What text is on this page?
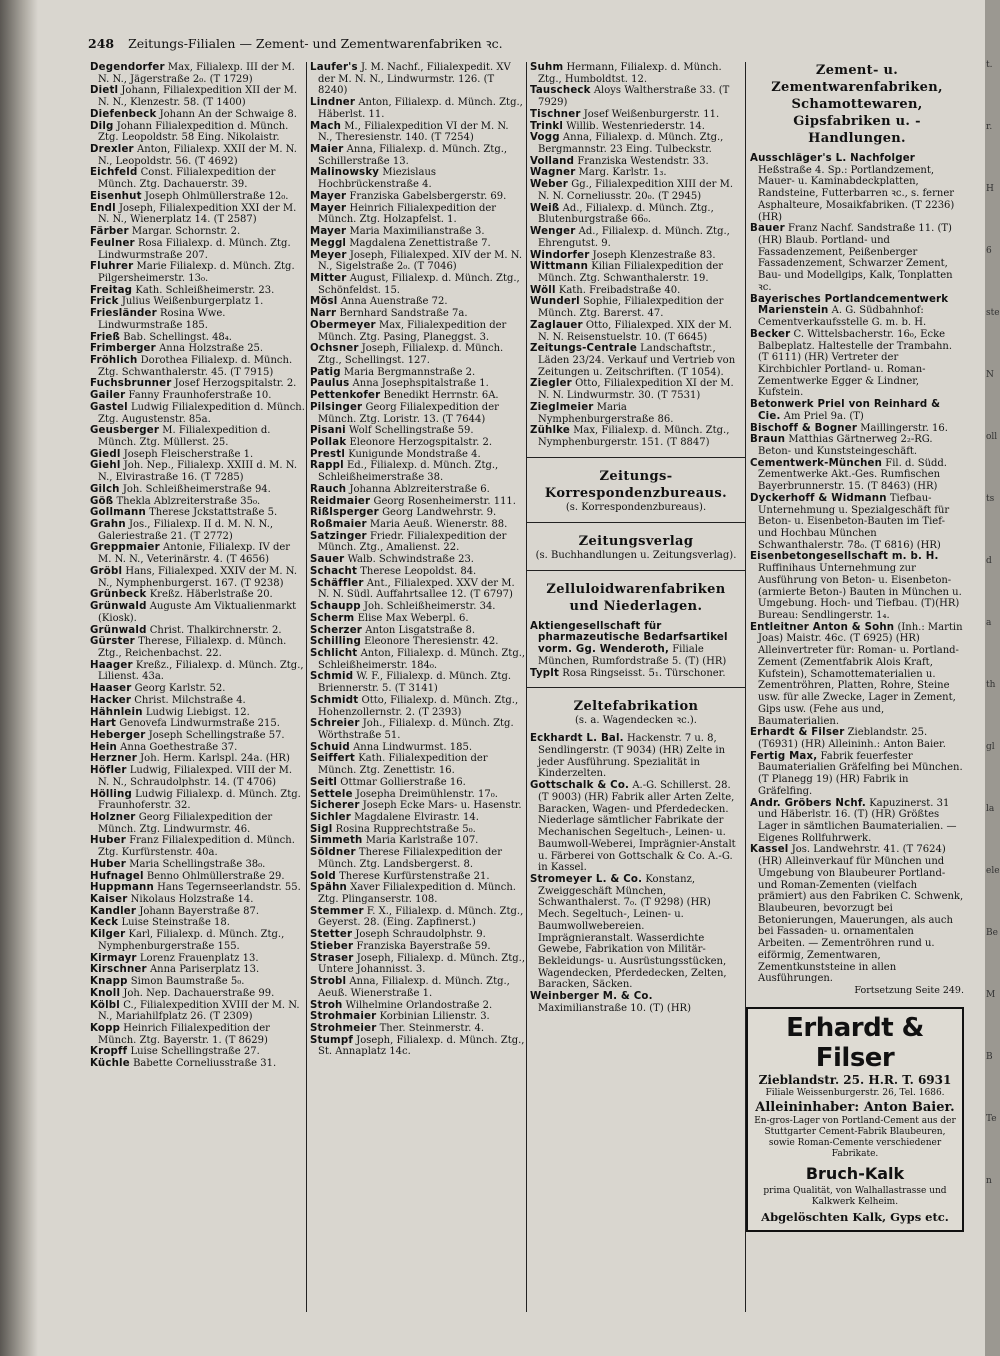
248 Zeitungs-Filialen — Zement- und Zementwarenfabriken ꝛc.
Degendorfer Max, Filialexp. III der M. N. N., Jägerstraße 2₀. (T 1729)
Dietl Johann, Filialexpedition XII der M. N. N., Klenzestr. 58. (T 1400)
Diefenbeck Johann An der Schwaige 8.
Dilg Johann Filialexpedition d. Münch. Ztg. Leopoldstr. 58 Eing. Nikolaistr.
Drexler Anton, Filialexp. XXII der M. N. N., Leopoldstr. 56. (T 4692)
Eichfeld Const. Filialexpedition der Münch. Ztg. Dachauerstr. 39.
Eisenhut Joseph Ohlmüllerstraße 12₀.
Endl Joseph, Filialexpedition XXI der M. N. N., Wienerplatz 14. (T 2587)
Färber Margar. Schornstr. 2.
Feulner Rosa Filialexp. d. Münch. Ztg. Lindwurmstraße 207.
Fluhrer Marie Filialexp. d. Münch. Ztg. Pilgersheimerstr. 13₀.
Freitag Kath. Schleißheimerstr. 23.
Frick Julius Weißenburgerplatz 1.
Friesländer Rosina Wwe. Lindwurmstraße 185.
Frieß Bab. Schellingst. 48₄.
Frimberger Anna Holzstraße 25.
Fröhlich Dorothea Filialexp. d. Münch. Ztg. Schwanthalerstr. 45. (T 7915)
Fuchsbrunner Josef Herzogspitalstr. 2.
Gailer Fanny Fraunhoferstraße 10.
Gastel Ludwig Filialexpedition d. Münch. Ztg. Augustenstr. 85a.
Geusberger M. Filialexpedition d. Münch. Ztg. Müllerst. 25.
Giedl Joseph Fleischerstraße 1.
Giehl Joh. Nep., Filialexp. XXIII d. M. N. N., Elvirastraße 16. (T 7285)
Gilch Joh. Schleißheimerstraße 94.
Göß Thekla Ablzreiterstraße 35₀.
Gollmann Therese Jckstattstraße 5.
Grahn Jos., Filialexp. II d. M. N. N., Galeriestraße 21. (T 2772)
Greppmaier Antonie, Filialexp. IV der M. N. N., Veterinärstr. 4. (T 4656)
Gröbl Hans, Filialexped. XXIV der M. N. N., Nymphenburgerst. 167. (T 9238)
Grünbeck Kreßz. Häberlstraße 20.
Grünwald Auguste Am Viktualienmarkt (Kiosk).
Grünwald Christ. Thalkirchnerstr. 2.
Gürster Therese, Filialexp. d. Münch. Ztg., Reichenbachst. 22.
Haager Kreßz., Filialexp. d. Münch. Ztg., Lilienst. 43a.
Haaser Georg Karlstr. 52.
Hacker Christ. Milchstraße 4.
Hähnlein Ludwig Liebigst. 12.
Hart Genovefa Lindwurmstraße 215.
Heberger Joseph Schellingstraße 57.
Hein Anna Goethestraße 37.
Herzner Joh. Herm. Karlspl. 24a. (HR)
Höfler Ludwig, Filialexped. VIII der M. N. N., Schraudolphstr. 14. (T 4706)
Hölling Ludwig Filialexp. d. Münch. Ztg. Fraunhoferstr. 32.
Holzner Georg Filialexpedition der Münch. Ztg. Lindwurmstr. 46.
Huber Franz Filialexpedition d. Münch. Ztg. Kurfürstenstr. 40a.
Huber Maria Schellingstraße 38₀.
Hufnagel Benno Ohlmüllerstraße 29.
Huppmann Hans Tegernseerlandstr. 55.
Kaiser Nikolaus Holzstraße 14.
Kandler Johann Bayerstraße 87.
Keck Luise Steinstraße 18.
Kilger Karl, Filialexp. d. Münch. Ztg., Nymphenburgerstraße 155.
Kirmayr Lorenz Frauenplatz 13.
Kirschner Anna Pariserplatz 13.
Knapp Simon Baumstraße 5₀.
Knoll Joh. Nep. Dachauerstraße 99.
Kölbl C., Filialexpedition XVIII der M. N. N., Mariahilfplatz 26. (T 2309)
Kopp Heinrich Filialexpedition der Münch. Ztg. Bayerstr. 1. (T 8629)
Kropff Luise Schellingstraße 27.
Küchle Babette Corneliusstraße 31.
Laufer's J. M. Nachf., Filialexpedit. XV der M. N. N., Lindwurmstr. 126. (T 8240)
Lindner Anton, Filialexp. d. Münch. Ztg., Häberlst. 11.
Mach M., Filialexpedition VI der M. N. N., Theresienstr. 140. (T 7254)
Maier Anna, Filialexp. d. Münch. Ztg., Schillerstraße 13.
Malinowsky Miezislaus Hochbrückenstraße 4.
Mayer Franziska Gabelsbergerstr. 69.
Mayer Heinrich Filialexpedition der Münch. Ztg. Holzapfelst. 1.
Mayer Maria Maximilianstraße 3.
Meggl Magdalena Zenettistraße 7.
Meyer Joseph, Filialexped. XIV der M. N. N., Sigelstraße 2₀. (T 7046)
Mitter August, Filialexp. d. Münch. Ztg., Schönfeldst. 15.
Mösl Anna Auenstraße 72.
Narr Bernhard Sandstraße 7a.
Obermeyer Max, Filialexpedition der Münch. Ztg. Pasing, Planeggst. 3.
Ochsner Joseph, Filialexp. d. Münch. Ztg., Schellingst. 127.
Patig Maria Bergmannstraße 2.
Paulus Anna Josephspitalstraße 1.
Pettenkofer Benedikt Herrnstr. 6A.
Pilsinger Georg Filialexpedition der Münch. Ztg. Loristr. 13. (T 7644)
Pisani Wolf Schellingstraße 59.
Pollak Eleonore Herzogspitalstr. 2.
Prestl Kunigunde Mondstraße 4.
Rappl Ed., Filialexp. d. Münch. Ztg., Schleißheimerstraße 38.
Rauch Johanna Ablzreiterstraße 6.
Reidmaier Georg Rosenheimerstr. 111.
Rißlsperger Georg Landwehrstr. 9.
Roßmaier Maria Aeuß. Wienerstr. 88.
Satzinger Friedr. Filialexpedition der Münch. Ztg., Amalienst. 22.
Sauer Walb. Schwindstraße 23.
Schacht Therese Leopoldst. 84.
Schäffler Ant., Filialexped. XXV der M. N. N. Südl. Auffahrtsallee 12. (T 6797)
Schaupp Joh. Schleißheimerstr. 34.
Scherm Elise Max Weberpl. 6.
Scherzer Anton Lisgatstraße 8.
Schilling Eleonore Theresienstr. 42.
Schlicht Anton, Filialexp. d. Münch. Ztg., Schleißheimerstr. 184₀.
Schmid W. F., Filialexp. d. Münch. Ztg. Briennerstr. 5. (T 3141)
Schmidt Otto, Filialexp. d. Münch. Ztg., Hohenzollernstr. 2. (T 2393)
Schreier Joh., Filialexp. d. Münch. Ztg. Wörthstraße 51.
Schuid Anna Lindwurmst. 185.
Seiffert Kath. Filialexpedition der Münch. Ztg. Zenettistr. 16.
Seitl Ottmar Gollierstraße 16.
Settele Josepha Dreimühlenstr. 17₀.
Sicherer Joseph Ecke Mars- u. Hasenstr.
Sichler Magdalene Elvirastr. 14.
Sigl Rosina Rupprechtstraße 5₀.
Simmeth Maria Karlstraße 107.
Söldner Therese Filialexpedition der Münch. Ztg. Landsbergerst. 8.
Sold Therese Kurfürstenstraße 21.
Spähn Xaver Filialexpedition d. Münch. Ztg. Plinganserstr. 108.
Stemmer F. X., Filialexp. d. Münch. Ztg., Geyerst. 28. (Eing. Zapfinerst.)
Stetter Joseph Schraudolphstr. 9.
Stieber Franziska Bayerstraße 59.
Straser Joseph, Filialexp. d. Münch. Ztg., Untere Johannisst. 3.
Strobl Anna, Filialexp. d. Münch. Ztg., Aeuß. Wienerstraße 1.
Stroh Wilhelmine Orlandostraße 2.
Strohmaier Korbinian Lilienstr. 3.
Strohmeier Ther. Steinmerstr. 4.
Stumpf Joseph, Filialexp. d. Münch. Ztg., St. Annaplatz 14c.
Suhm Hermann, Filialexp. d. Münch. Ztg., Humboldtst. 12.
Tauscheck Aloys Waltherstraße 33. (T 7929)
Tischner Josef Weißenburgerstr. 11.
Trinkl Willib. Westenriederstr. 14.
Vogg Anna, Filialexp. d. Münch. Ztg., Bergmannstr. 23 Eing. Tulbeckstr.
Volland Franziska Westendstr. 33.
Wagner Marg. Karlstr. 1₃.
Weber Gg., Filialexpedition XIII der M. N. N. Corneliusstr. 20₀. (T 2945)
Weiß Ad., Filialexp. d. Münch. Ztg., Blutenburgstraße 66₀.
Wenger Ad., Filialexp. d. Münch. Ztg., Ehrengutst. 9.
Windorfer Joseph Klenzestraße 83.
Wittmann Kilian Filialexpedition der Münch. Ztg. Schwanthalerstr. 19.
Wöll Kath. Freibadstraße 40.
Wunderl Sophie, Filialexpedition der Münch. Ztg. Barerst. 47.
Zaglauer Otto, Filialexped. XIX der M. N. N. Reisenstuelstr. 10. (T 6645)
Zeitungs-Centrale Landschaftstr., Läden 23/24. Verkauf und Vertrieb von Zeitungen u. Zeitschriften. (T 1054).
Ziegler Otto, Filialexpedition XI der M. N. N. Lindwurmstr. 30. (T 7531)
Zieglmeier Maria Nymphenburgerstraße 86.
Zühlke Max, Filialexp. d. Münch. Ztg., Nymphenburgerstr. 151. (T 8847)
Zeitungs-Korrespondenzbureaus.
(s. Korrespondenzbureaus).
Zeitungsverlag
(s. Buchhandlungen u. Zeitungsverlag).
Zelluloidwarenfabriken und Niederlagen.
Aktiengesellschaft für pharmazeutische Bedarfsartikel vorm. Gg. Wenderoth, Filiale München, Rumfordstraße 5. (T) (HR)
Typlt Rosa Ringseisst. 5₁. Türschoner.
Zeltefabrikation
(s. a. Wagendecken ꝛc.).
Eckhardt L. Bal. Hackenstr. 7 u. 8, Sendlingerstr. (T 9034) (HR) Zelte in jeder Ausführung. Spezialität in Kinderzelten.
Gottschalk & Co. A.-G. Schillerst. 28. (T 9003) (HR) Fabrik aller Arten Zelte, Baracken, Wagen- und Pferdedecken. Niederlage sämtlicher Fabrikate der Mechanischen Segeltuch-, Leinen- u. Baumwoll-Weberei, Imprägnier-Anstalt u. Färberei von Gottschalk & Co. A.-G. in Kassel.
Stromeyer L. & Co. Konstanz, Zweiggeschäft München, Schwanthalerst. 7₀. (T 9298) (HR) Mech. Segeltuch-, Leinen- u. Baumwollwebereien. Imprägnieranstalt. Wasserdichte Gewebe, Fabrikation von Militär-Bekleidungs- u. Ausrüstungsstücken, Wagendecken, Pferdedecken, Zelten, Baracken, Säcken.
Weinberger M. & Co. Maximilianstraße 10. (T) (HR)
Zement- u. Zementwarenfabriken, Schamottewaren, Gipsfabriken u. -Handlungen.
Ausschläger's L. Nachfolger Heßstraße 4. Sp.: Portlandzement, Mauer- u. Kaminabdeckplatten, Randsteine, Futterbarren ꝛc., s. ferner Asphalteure, Mosaikfabriken. (T 2236) (HR)
Bauer Franz Nachf. Sandstraße 11. (T) (HR) Blaub. Portland- und Fassadenzement, Peißenberger Fassadenzement, Schwarzer Zement, Bau- und Modellgips, Kalk, Tonplatten ꝛc.
Bayerisches Portlandcementwerk Marienstein A. G. Südbahnhof: Cementverkaufsstelle G. m. b. H.
Becker C. Wittelsbacherstr. 16₀, Ecke Balbeplatz. Haltestelle der Trambahn. (T 6111) (HR) Vertreter der Kirchbichler Portland- u. Roman-Zementwerke Egger & Lindner, Kufstein.
Betonwerk Priel von Reinhard & Cie. Am Priel 9a. (T)
Bischoff & Bogner Maillingerstr. 16.
Braun Matthias Gärtnerweg 2₂-RG. Beton- und Kunststeingeschäft.
Cementwerk-München Fil. d. Südd. Zementwerke Akt.-Ges. Rumfischen Bayerbrunnerstr. 15. (T 8463) (HR)
Dyckerhoff & Widmann Tiefbau-Unternehmung u. Spezialgeschäft für Beton- u. Eisenbeton-Bauten im Tief- und Hochbau München Schwanthalerstr. 78₀. (T 6816) (HR)
Eisenbetongesellschaft m. b. H. Ruffinihaus Unternehmung zur Ausführung von Beton- u. Eisenbeton- (armierte Beton-) Bauten in München u. Umgebung. Hoch- und Tiefbau. (T)(HR) Bureau: Sendlingerstr. 1₄.
Entleitner Anton & Sohn (Inh.: Martin Joas) Maistr. 46c. (T 6925) (HR) Alleinvertreter für: Roman- u. Portland-Zement (Zementfabrik Alois Kraft, Kufstein), Schamottematerialien u. Zementröhren, Platten, Rohre, Steine usw. für alle Zwecke, Lager in Zement, Gips usw. (Fehe aus und, Baumaterialien.
Erhardt & Filser Zieblandstr. 25. (T6931) (HR) Alleininh.: Anton Baier.
Fertig Max, Fabrik feuerfester Baumaterialien Gräfelfing bei München. (T Planegg 19) (HR) Fabrik in Gräfelfing.
Andr. Gröbers Nchf. Kapuzinerst. 31 und Häberlstr. 16. (T) (HR) Größtes Lager in sämtlichen Baumaterialien. — Eigenes Rollfuhrwerk.
Kassel Jos. Landwehrstr. 41. (T 7624) (HR) Alleinverkauf für München und Umgebung von Blaubeurer Portland- und Roman-Zementen (vielfach prämiert) aus den Fabriken C. Schwenk, Blaubeuren, bevorzugt bei Betonierungen, Mauerungen, als auch bei Fassaden- u. ornamentalen Arbeiten. — Zementröhren rund u. eiförmig, Zementwaren, Zementkunststeine in allen Ausführungen.
Fortsetzung Seite 249.
Erhardt & Filser
Zieblandstr. 25. H.R. T. 6931
Filiale Weissenburgerstr. 26, Tel. 1686.
Alleininhaber: Anton Baier.
En-gros-Lager von Portland-Cement aus der Stuttgarter Cement-Fabrik Blaubeuren, sowie Roman-Cemente verschiedener Fabrikate.
Bruch-Kalk
prima Qualität, von Walhallastrasse und Kalkwerk Kelheim.
Abgelöschten Kalk, Gyps etc.
t.
r.
H
6
ste
N
oll
ts
d
a
th
gl
la
ele
Be
M
B
Te
n
